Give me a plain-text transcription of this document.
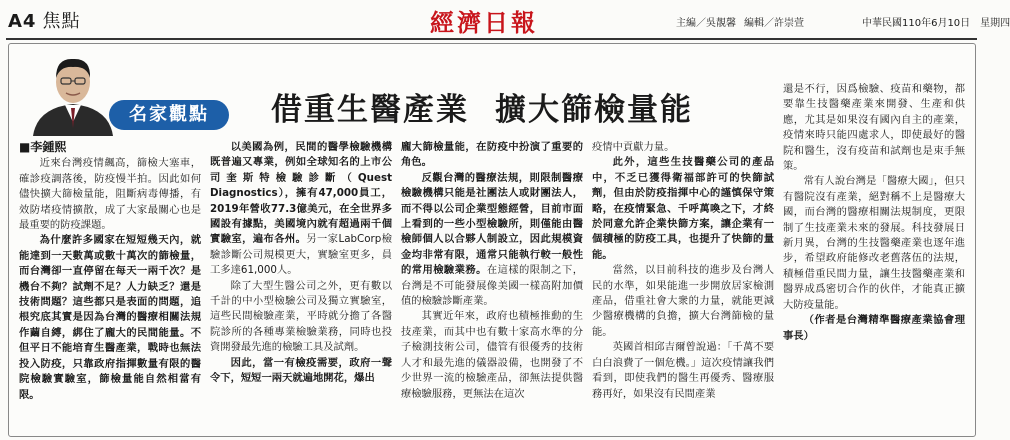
A4 焦點	經濟日報	主編／吳靚馨 編輯／許崇萱	中華民國110年6月10日　星期四
名家觀點	借重生醫產業 擴大篩檢量能
■李鍾熙

近來台灣疫情飆高，篩檢大塞車，確診疫調落後，防疫慢半拍。因此如何儘快擴大篩檢量能，阻斷病毒傳播，有效防堵疫情擴散，成了大家最關心也是最重要的防疫課題。

為什麼許多國家在短短幾天內，就能達到一天數萬或數十萬次的篩檢量，而台灣卻一直停留在每天一兩千次？是機台不夠？試劑不足？人力缺乏？還是技術問題？這些都只是表面的問題，追根究底其實是因為台灣的醫療相關法規作繭自縛，綁住了龐大的民間能量。不但平日不能培育生醫產業，戰時也無法投入防疫，只靠政府指揮數量有限的醫院檢驗實驗室，篩檢量能自然相當有限。

以美國為例，民間的醫學檢驗機構既普遍又專業，例如全球知名的上市公司奎斯特檢驗診斷（Quest Diagnostics），擁有47,000員工，2019年營收77.3億美元，在全世界多國設有據點，美國境內就有超過兩千個實驗室，遍布各州。另一家LabCorp檢驗診斷公司規模更大，實驗室更多，員工多達61,000人。

除了大型生醫公司之外，更有數以千計的中小型檢驗公司及獨立實驗室，這些民間檢驗產業，平時就分擔了各醫院診所的各種專業檢驗業務，同時也投資開發最先進的檢驗工具及試劑。

因此，當一有檢疫需要，政府一聲令下，短短一兩天就遍地開花，爆出

龐大篩檢量能，在防疫中扮演了重要的角色。

反觀台灣的醫療法規，則限制醫療檢驗機構只能是社團法人或財團法人，而不得以公司企業型態經營，目前市面上看到的一些小型檢驗所，則僅能由醫檢師個人以合夥人制設立，因此規模資金均非常有限，通常只能執行較一般性的常用檢驗業務。在這樣的限制之下，台灣是不可能發展像美國一樣高附加價值的檢驗診斷產業。

其實近年來，政府也積極推動的生技產業，而其中也有數十家高水準的分子檢測技術公司，儘管有很優秀的技術人才和最先進的儀器設備，也開發了不少世界一流的檢驗產品，卻無法提供醫療檢驗服務，更無法在這次

疫情中貢獻力量。

此外，這些生技醫藥公司的產品中，不乏已獲得衛福部許可的快篩試劑，但由於防疫指揮中心的謹慎保守策略，在疫情緊急、千呼萬喚之下，才終於同意允許企業快篩方案，讓企業有一個積極的防疫工具，也提升了快篩的量能。

當然，以目前科技的進步及台灣人民的水準，如果能進一步開放居家檢測產品，借重社會大衆的力量，就能更減少醫療機構的負擔，擴大台灣篩檢的量能。

英國首相邱吉爾曾說過：「千萬不要白白浪費了一個危機。」這次疫情讓我們看到，即使我們的醫生再優秀、醫療服務再好，如果沒有民間產業

還是不行，因爲檢驗、疫苗和藥物，都要靠生技醫藥產業來開發、生產和供應，尤其是如果沒有國內自主的產業，疫情來時只能四處求人，即使最好的醫院和醫生，沒有疫苗和試劑也是束手無策。

常有人說台灣是「醫療大國」，但只有醫院沒有產業，絕對稱不上是醫療大國，而台灣的醫療相關法規制度，更限制了生技產業未來的發展。科技發展日新月異，台灣的生技醫藥產業也逐年進步，希望政府能修改老舊落伍的法規，積極借重民間力量，讓生技醫藥產業和醫界成爲密切合作的伙伴，才能真正擴大防疫量能。

（作者是台灣精準醫療產業協會理事長）
